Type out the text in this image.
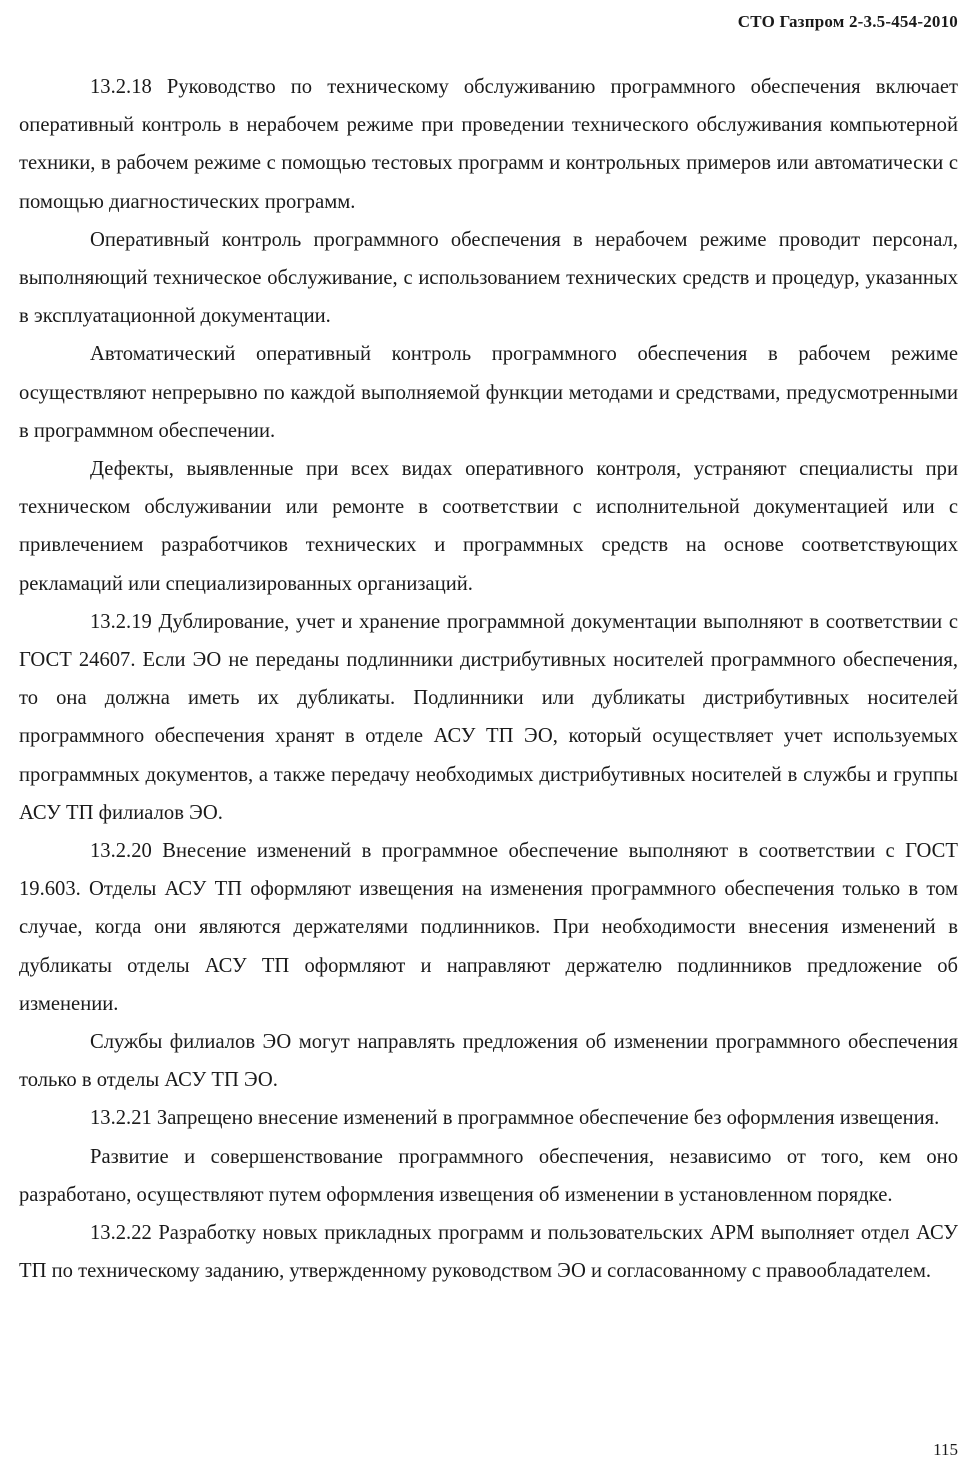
СТО Газпром 2-3.5-454-2010

13.2.18 Руководство по техническому обслуживанию программного обеспечения включает оперативный контроль в нерабочем режиме при проведении технического обслуживания компьютерной техники, в рабочем режиме с помощью тестовых программ и контрольных примеров или автоматически с помощью диагностических программ.

Оперативный контроль программного обеспечения в нерабочем режиме проводит персонал, выполняющий техническое обслуживание, с использованием технических средств и процедур, указанных в эксплуатационной документации.

Автоматический оперативный контроль программного обеспечения в рабочем режиме осуществляют непрерывно по каждой выполняемой функции методами и средствами, предусмотренными в программном обеспечении.

Дефекты, выявленные при всех видах оперативного контроля, устраняют специалисты при техническом обслуживании или ремонте в соответствии с исполнительной документацией или с привлечением разработчиков технических и программных средств на основе соответствующих рекламаций или специализированных организаций.

13.2.19 Дублирование, учет и хранение программной документации выполняют в соответствии с ГОСТ 24607. Если ЭО не переданы подлинники дистрибутивных носителей программного обеспечения, то она должна иметь их дубликаты. Подлинники или дубликаты дистрибутивных носителей программного обеспечения хранят в отделе АСУ ТП ЭО, который осуществляет учет используемых программных документов, а также передачу необходимых дистрибутивных носителей в службы и группы АСУ ТП филиалов ЭО.

13.2.20 Внесение изменений в программное обеспечение выполняют в соответствии с ГОСТ 19.603. Отделы АСУ ТП оформляют извещения на изменения программного обеспечения только в том случае, когда они являются держателями подлинников. При необходимости внесения изменений в дубликаты отделы АСУ ТП оформляют и направляют держателю подлинников предложение об изменении.

Службы филиалов ЭО могут направлять предложения об изменении программного обеспечения только в отделы АСУ ТП ЭО.

13.2.21 Запрещено внесение изменений в программное обеспечение без оформления извещения.

Развитие и совершенствование программного обеспечения, независимо от того, кем оно разработано, осуществляют путем оформления извещения об изменении в установленном порядке.

13.2.22 Разработку новых прикладных программ и пользовательских АРМ выполняет отдел АСУ ТП по техническому заданию, утвержденному руководством ЭО и согласованному с правообладателем.

115
